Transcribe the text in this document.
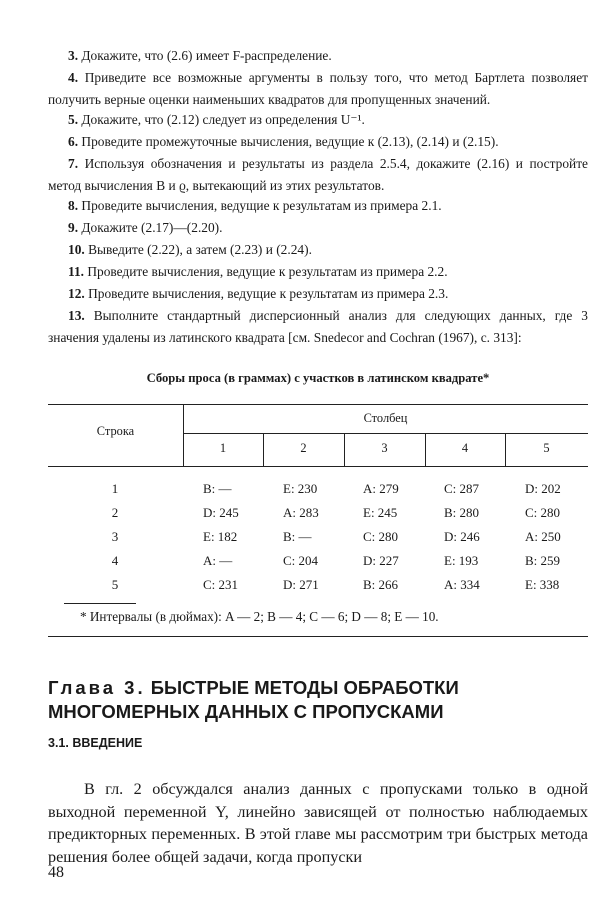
3. Докажите, что (2.6) имеет F-распределение.

4. Приведите все возможные аргументы в пользу того, что метод Бартлета позволяет получить верные оценки наименьших квадратов для пропущенных значений.

5. Докажите, что (2.12) следует из определения U⁻¹.

6. Проведите промежуточные вычисления, ведущие к (2.13), (2.14) и (2.15).

7. Используя обозначения и результаты из раздела 2.5.4, докажите (2.16) и постройте метод вычисления B и ϱ, вытекающий из этих результатов.

8. Проведите вычисления, ведущие к результатам из примера 2.1.

9. Докажите (2.17)—(2.20).

10. Выведите (2.22), а затем (2.23) и (2.24).

11. Проведите вычисления, ведущие к результатам из примера 2.2.

12. Проведите вычисления, ведущие к результатам из примера 2.3.

13. Выполните стандартный дисперсионный анализ для следующих данных, где 3 значения удалены из латинского квадрата [см. Snedecor and Cochran (1967), с. 313]:

Сборы проса (в граммах) с участков в латинском квадрате*

Строка
Столбец
1	2	3	4	5
1	B: —	E: 230	A: 279	C: 287	D: 202
2	D: 245	A: 283	E: 245	B: 280	C: 280
3	E: 182	B: —	C: 280	D: 246	A: 250
4	A: —	C: 204	D: 227	E: 193	B: 259
5	C: 231	D: 271	B: 266	A: 334	E: 338

* Интервалы (в дюймах): A — 2; B — 4; C — 6; D — 8; E — 10.

Глава 3. БЫСТРЫЕ МЕТОДЫ ОБРАБОТКИ МНОГОМЕРНЫХ ДАННЫХ С ПРОПУСКАМИ

3.1. ВВЕДЕНИЕ

В гл. 2 обсуждался анализ данных с пропусками только в одной выходной переменной Y, линейно зависящей от полностью наблюдаемых предикторных переменных. В этой главе мы рассмотрим три быстрых метода решения более общей задачи, когда пропуски

48
